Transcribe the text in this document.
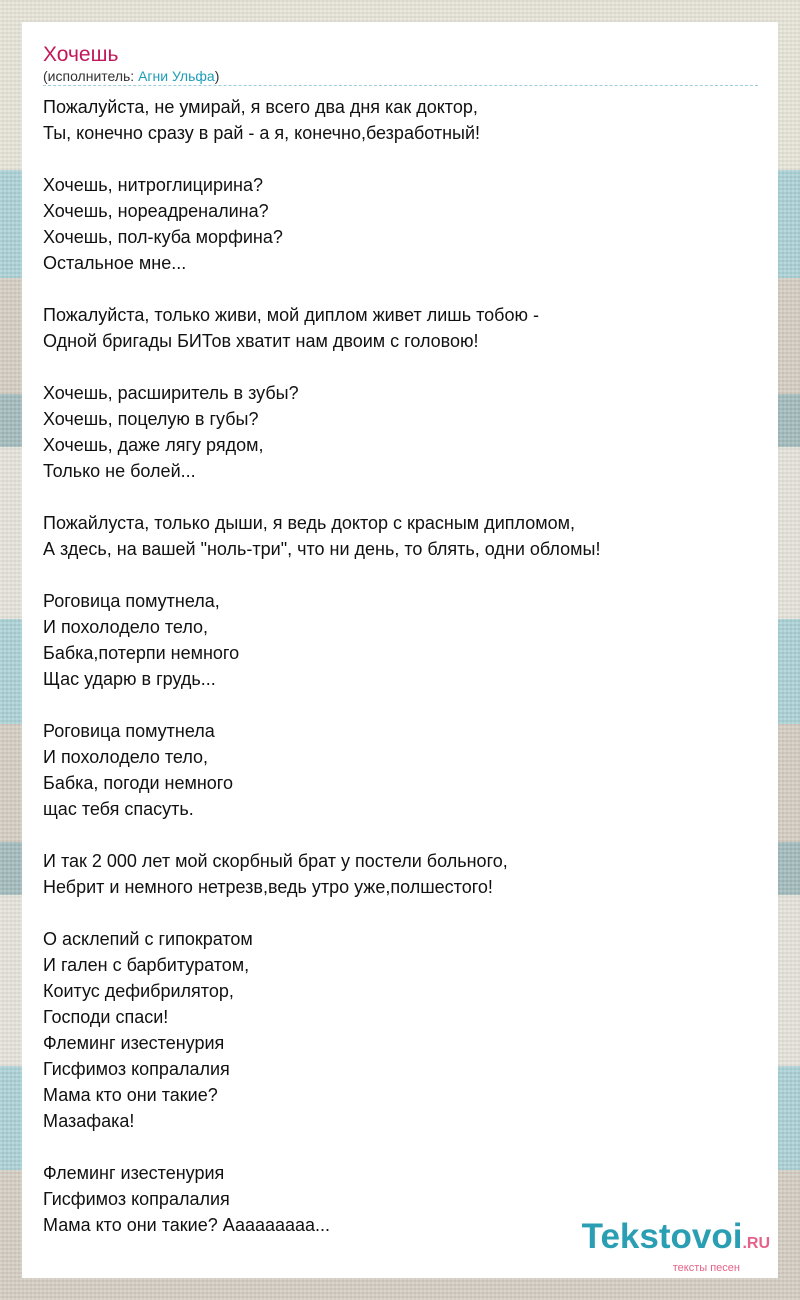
Хочешь
(исполнитель: Агни Ульфа)
Пожалуйста, не умирай, я всего два дня как доктор,
Ты, конечно сразу в рай - а я, конечно,безработный!
Хочешь, нитроглицирина?
Хочешь, нореадреналина?
Хочешь, пол-куба морфина?
Остальное мне...
Пожалуйста, только живи, мой диплом живет лишь тобою -
Одной бригады БИТов хватит нам двоим с головою!
Хочешь, расширитель в зубы?
Хочешь, поцелую в губы?
Хочешь, даже лягу рядом,
Только не болей...
Пожайлуста, только дыши, я ведь доктор с красным дипломом,
А здесь, на вашей "ноль-три", что ни день, то блять, одни обломы!
Роговица помутнела,
И похолодело тело,
Бабка,потерпи немного
Щас ударю в грудь...
Роговица помутнела
И похолодело тело,
Бабка, погоди немного
щас тебя спасуть.
И так 2 000 лет мой скорбный брат у постели больного,
Небрит и немного нетрезв,ведь утро уже,полшестого!
О асклепий с гипократом
И гален с барбитуратом,
Коитус дефибрилятор,
Господи спаси!
Флеминг изестенурия
Гисфимоз копралалия
Мама кто они такие?
Мазафака!
Флеминг изестенурия
Гисфимоз копралалия
Мама кто они такие? Ааааааааа...	Tekstovoi.RU
тексты песен
